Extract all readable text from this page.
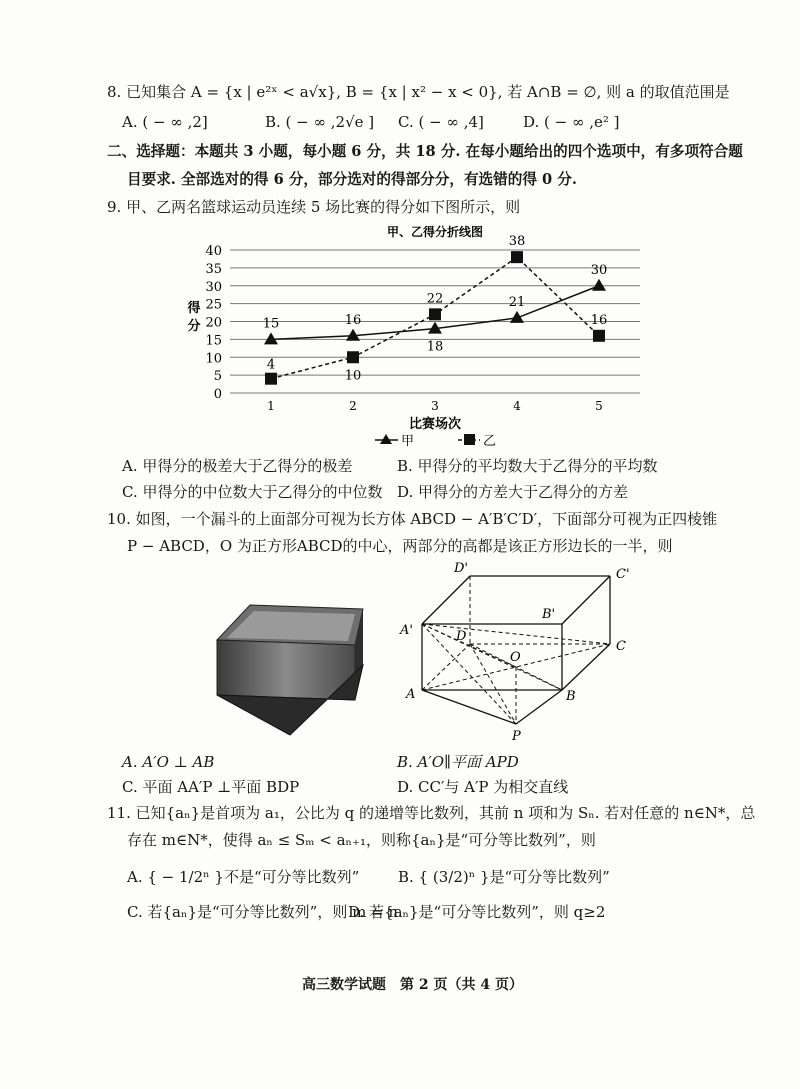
8. 已知集合 A = {x | e²ˣ < a√x}, B = {x | x² − x < 0}, 若 A∩B = ∅, 则 a 的取值范围是
A. ( − ∞ ,2]	B. ( − ∞ ,2√e ] C. ( − ∞ ,4]	D. ( − ∞ ,e² ]
二、选择题：本题共 3 小题，每小题 6 分，共 18 分. 在每小题给出的四个选项中，有多项符合题
目要求. 全部选对的得 6 分，部分选对的得部分分，有选错的得 0 分.
9. 甲、乙两名篮球运动员连续 5 场比赛的得分如下图所示，则
甲、乙得分折线图
0
5
10
15
20
25
30
35
40
1	2	3	4	5
比赛场次
得
分	15	16
18
21
30
4
10
22
38
16
甲	乙
A. 甲得分的极差大于乙得分的极差	B. 甲得分的平均数大于乙得分的平均数
C. 甲得分的中位数大于乙得分的中位数 D. 甲得分的方差大于乙得分的方差
10. 如图，一个漏斗的上面部分可视为长方体 ABCD − A′B′C′D′，下面部分可视为正四棱锥
P − ABCD，O 为正方形ABCD的中心，两部分的高都是该正方形边长的一半，则
D'	C'
A'
B'
D
C
A	B
O
P
A. A′O ⊥ AB	B. A′O∥平面 APD
C. 平面 AA′P ⊥平面 BDP	D. CC′与 A′P 为相交直线
11. 已知{aₙ}是首项为 a₁，公比为 q 的递增等比数列，其前 n 项和为 Sₙ. 若对任意的 n∈N*，总
存在 m∈N*，使得 aₙ ≤ Sₘ < aₙ₊₁，则称{aₙ}是“可分等比数列”，则
A. { − 1/2ⁿ }不是“可分等比数列”	B. { (3/2)ⁿ }是“可分等比数列”
C. 若{aₙ}是“可分等比数列”，则 m = n
D. 若{aₙ}是“可分等比数列”，则 q≥2
高三数学试题　第 2 页（共 4 页）
